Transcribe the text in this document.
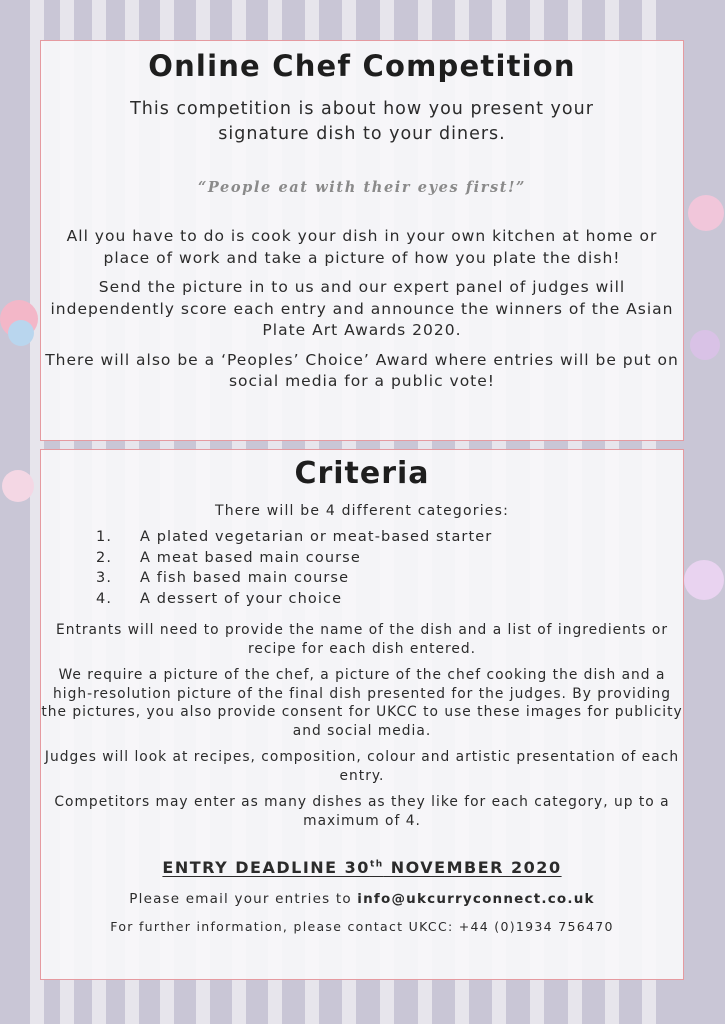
Online Chef Competition

This competition is about how you present your
signature dish to your diners.

“People eat with their eyes first!”

All you have to do is cook your dish in your own kitchen at home or place of work and take a picture of how you plate the dish!

Send the picture in to us and our expert panel of judges will independently score each entry and announce the winners of the Asian Plate Art Awards 2020.

There will also be a ‘Peoples’ Choice’ Award where entries will be put on social media for a public vote!

Criteria

There will be 4 different categories:

1.	A plated vegetarian or meat-based starter
2.	A meat based main course
3.	A fish based main course
4.	A dessert of your choice

Entrants will need to provide the name of the dish and a list of ingredients or recipe for each dish entered.

We require a picture of the chef, a picture of the chef cooking the dish and a high-resolution picture of the final dish presented for the judges. By providing the pictures, you also provide consent for UKCC to use these images for publicity and social media.

Judges will look at recipes, composition, colour and artistic presentation of each entry.

Competitors may enter as many dishes as they like for each category, up to a maximum of 4.

ENTRY DEADLINE 30th NOVEMBER 2020

Please email your entries to info@ukcurryconnect.co.uk

For further information, please contact UKCC: +44 (0)1934 756470
